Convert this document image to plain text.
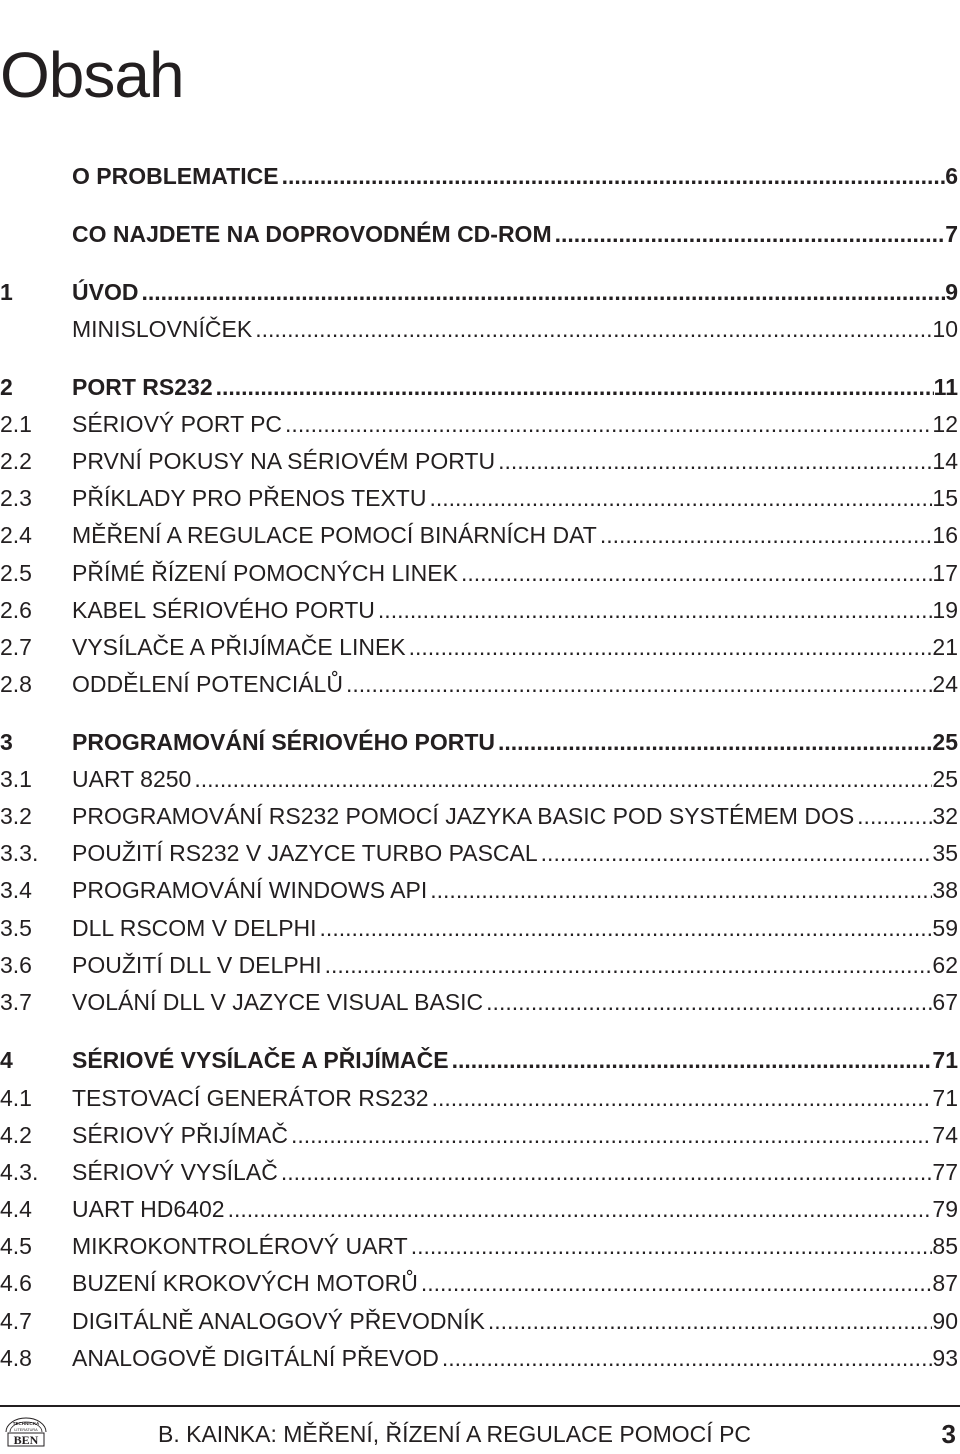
Obsah
O PROBLEMATICE .....	6
CO NAJDETE NA DOPROVODNÉM CD-ROM .....	7
1	ÚVOD .....	9
MINISLOVNÍČEK .....	10
2	PORT RS232 .....	11
2.1	SÉRIOVÝ PORT PC .....	12
2.2	PRVNÍ POKUSY NA SÉRIOVÉM PORTU .....	14
2.3	PŘÍKLADY PRO PŘENOS TEXTU .....	15
2.4	MĚŘENÍ A REGULACE POMOCÍ BINÁRNÍCH DAT .....	16
2.5	PŘÍMÉ ŘÍZENÍ POMOCNÝCH LINEK .....	17
2.6	KABEL SÉRIOVÉHO PORTU .....	19
2.7	VYSÍLAČE A PŘIJÍMAČE LINEK .....	21
2.8	ODDĚLENÍ POTENCIÁLŮ .....	24
3	PROGRAMOVÁNÍ SÉRIOVÉHO PORTU .....	25
3.1	UART 8250 .....	25
3.2	PROGRAMOVÁNÍ RS232 POMOCÍ JAZYKA BASIC POD SYSTÉMEM DOS .....	32
3.3.	POUŽITÍ RS232 V JAZYCE TURBO PASCAL .....	35
3.4	PROGRAMOVÁNÍ WINDOWS API .....	38
3.5	DLL RSCOM V DELPHI .....	59
3.6	POUŽITÍ DLL V DELPHI .....	62
3.7	VOLÁNÍ DLL V JAZYCE VISUAL BASIC .....	67
4	SÉRIOVÉ VYSÍLAČE A PŘIJÍMAČE .....	71
4.1	TESTOVACÍ GENERÁTOR RS232 .....	71
4.2	SÉRIOVÝ PŘIJÍMAČ .....	74
4.3.	SÉRIOVÝ VYSÍLAČ .....	77
4.4	UART HD6402 .....	79
4.5	MIKROKONTROLÉROVÝ UART .....	85
4.6	BUZENÍ KROKOVÝCH MOTORŮ .....	87
4.7	DIGITÁLNĚ ANALOGOVÝ PŘEVODNÍK .....	90
4.8	ANALOGOVĚ DIGITÁLNÍ PŘEVOD .....	93
TECHNICKÁ
LITERATURA
BEN	B. KAINKA: MĚŘENÍ, ŘÍZENÍ A REGULACE POMOCÍ PC	3
